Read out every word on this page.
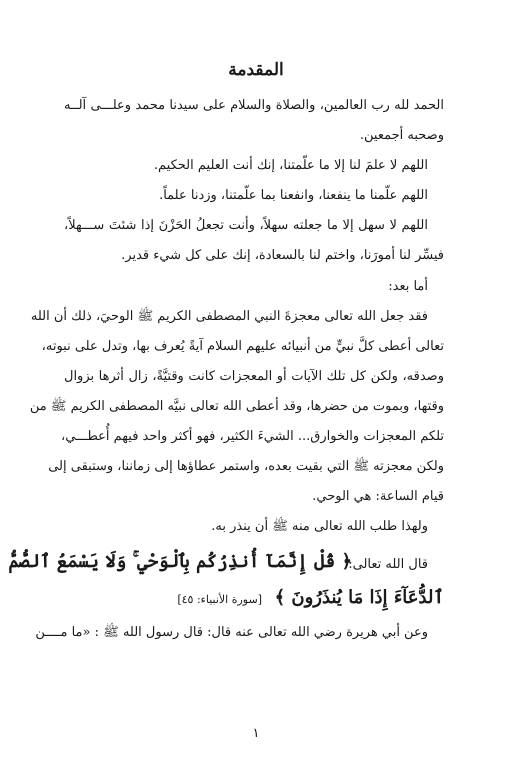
المقدمة
الحمد لله رب العالمين، والصلاة والسلام على سيدنا محمد وعلـــى آلــه
وصحبه أجمعين.
اللهم لا علمَ لنا إلا ما علّمتنا، إنك أنت العليم الحكيم.
اللهم علّمنا ما ينفعنا، وانفعنا بما علّمتنا، وزدنا علماً.
اللهم لا سهل إلا ما جعلته سهلاً، وأنت تجعلُ الحَزْنَ إذا شئتَ ســـهلاً،
فيسِّر لنا أمورَنا، واختم لنا بالسعادة، إنك على كل شيء قدير.
أما بعد:
فقد جعل الله تعالى معجزةَ النبي المصطفى الكريم ﷺ الوحيَ، ذلك أن الله
تعالى أعطى كلَّ نبيٍّ من أنبيائه عليهم السلام آيةً يُعرف بها، وتدل على نبوته،
وصدقه، ولكن كل تلك الآيات أو المعجزات كانت وقتيَّةً، زال أثرها بزوال
وقتها، وبموت من حضرها، وقد أعطى الله تعالى نبيَّه المصطفى الكريم ﷺ من
تلكم المعجزات والخوارق... الشيءَ الكثير، فهو أكثر واحد فيهم أُعطـــي،
ولكن معجزته ﷺ التي بقيت بعده، واستمر عطاؤها إلى زماننا، وستبقى إلى
قيام الساعة: هي الوحي.
ولهذا طلب الله تعالى منه ﷺ أن ينذر به.
قال الله تعالى:
﴿ قُلْ إِنَّمَآ أُنذِرُكُم بِٱلْوَحْيِ ۚ وَلَا يَسْمَعُ ٱلصُّمُّ
ٱلدُّعَآءَ إِذَا مَا يُنذَرُونَ ﴾
[سورة الأنبياء: ٤٥]
وعن أبي هريرة رضي الله تعالى عنه قال: قال رسول الله ﷺ : «ما مــــن
١
